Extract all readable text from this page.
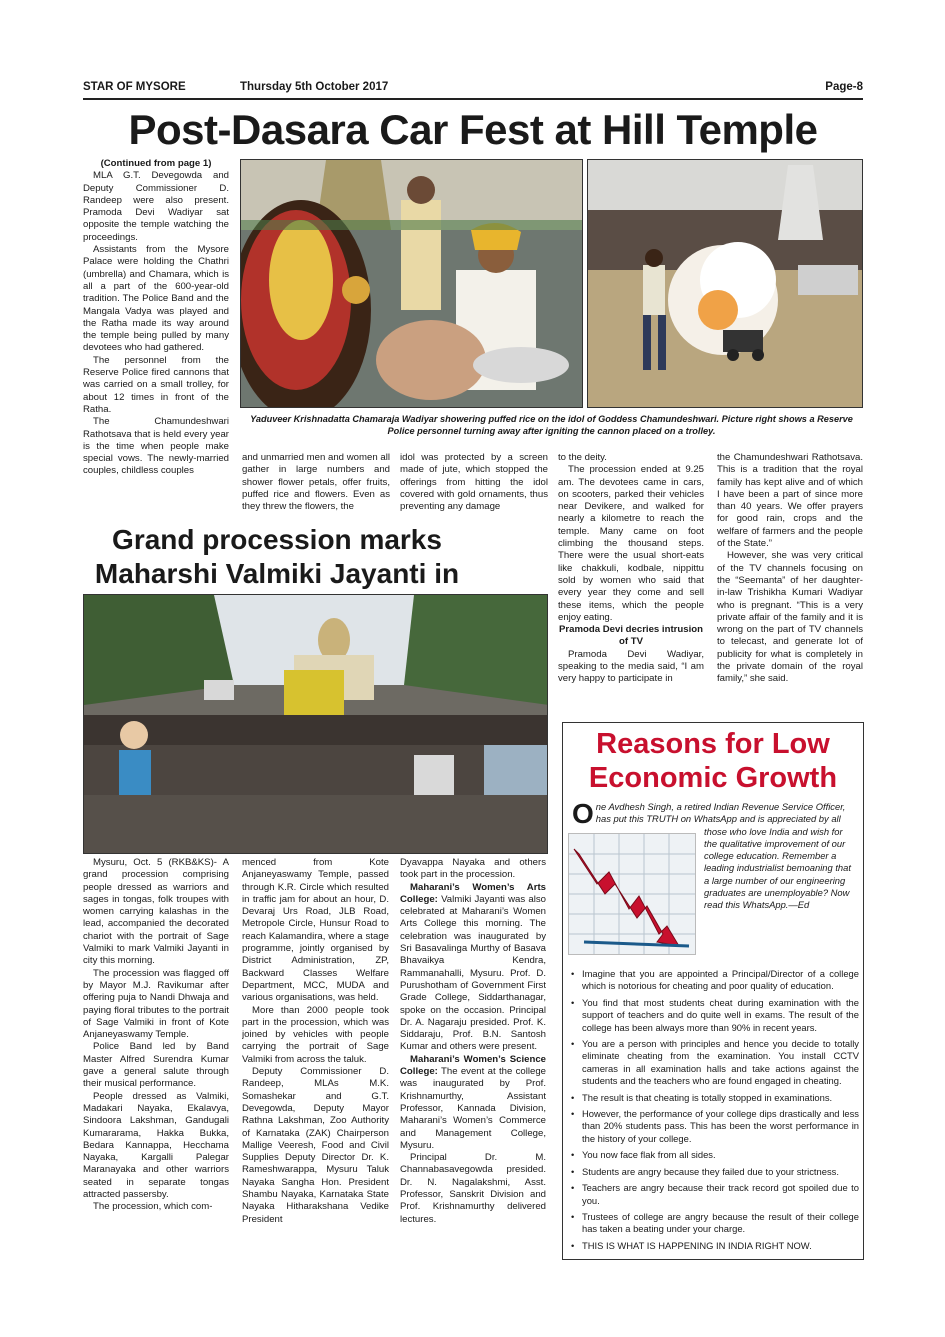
STAR OF MYSORE	Thursday 5th October 2017	Page-8
Post-Dasara Car Fest at Hill Temple

(Continued from page 1)

MLA G.T. Devegowda and Deputy Commissioner D. Randeep were also present. Pramoda Devi Wadiyar sat opposite the temple watching the proceedings.

Assistants from the Mysore Palace were holding the Chathri (umbrella) and Chamara, which is all a part of the 600-year-old tradition. The Police Band and the Mangala Vadya was played and the Ratha made its way around the temple being pulled by many devotees who had gathered.

The personnel from the Reserve Police fired cannons that was carried on a small trolley, for about 12 times in front of the Ratha.

The Chamundeshwari Rathotsava that is held every year is the time when people make special vows. The newly-married couples, childless couples

Yaduveer Krishnadatta Chamaraja Wadiyar showering puffed rice on the idol of Goddess Chamundeshwari. Picture right shows a Reserve Police personnel turning away after igniting the cannon placed on a trolley.

and unmarried men and women all gather in large numbers and shower flower petals, offer fruits, puffed rice and flowers. Even as they threw the flowers, the

idol was protected by a screen made of jute, which stopped the offerings from hitting the idol covered with gold ornaments, thus preventing any damage

to the deity.

The procession ended at 9.25 am. The devotees came in cars, on scooters, parked their vehicles near Devikere, and walked for nearly a kilometre to reach the temple. Many came on foot climbing the thousand steps. There were the usual short-eats like chakkuli, kodbale, nippittu sold by women who said that every year they come and sell these items, which the people enjoy eating.

Pramoda Devi decries intrusion of TV

Pramoda Devi Wadiyar, speaking to the media said, “I am very happy to participate in

the Chamundeshwari Rathotsava. This is a tradition that the royal family has kept alive and of which I have been a part of since more than 40 years. We offer prayers for good rain, crops and the welfare of farmers and the people of the State.”

However, she was very critical of the TV channels focusing on the “Seemanta” of her daughter-in-law Trishikha Kumari Wadiyar who is pregnant. “This is a very private affair of the family and it is wrong on the part of TV channels to telecast, and generate lot of publicity for what is completely in the private domain of the royal family,” she said.

Grand procession marks Maharshi Valmiki Jayanti in

Mysuru, Oct. 5 (RKB&KS)- A grand procession comprising people dressed as warriors and sages in tongas, folk troupes with women carrying kalashas in the lead, accompanied the decorated chariot with the portrait of Sage Valmiki to mark Valmiki Jayanti in city this morning.

The procession was flagged off by Mayor M.J. Ravikumar after offering puja to Nandi Dhwaja and paying floral tributes to the portrait of Sage Valmiki in front of Kote Anjaneyaswamy Temple.

Police Band led by Band Master Alfred Surendra Kumar gave a general salute through their musical performance.

People dressed as Valmiki, Madakari Nayaka, Ekalavya, Sindoora Lakshman, Gandugali Kumararama, Hakka Bukka, Bedara Kannappa, Hecchama Nayaka, Kargalli Palegar Maranayaka and other warriors seated in separate tongas attracted passersby.

The procession, which com-

menced from Kote Anjaneyaswamy Temple, passed through K.R. Circle which resulted in traffic jam for about an hour, D. Devaraj Urs Road, JLB Road, Metropole Circle, Hunsur Road to reach Kalamandira, where a stage programme, jointly organised by District Administration, ZP, Backward Classes Welfare Department, MCC, MUDA and various organisations, was held.

More than 2000 people took part in the procession, which was joined by vehicles with people carrying the portrait of Sage Valmiki from across the taluk.

Deputy Commissioner D. Randeep, MLAs M.K. Somashekar and G.T. Devegowda, Deputy Mayor Rathna Lakshman, Zoo Authority of Karnataka (ZAK) Chairperson Mallige Veeresh, Food and Civil Supplies Deputy Director Dr. K. Rameshwarappa, Mysuru Taluk Nayaka Sangha Hon. President Shambu Nayaka, Karnataka State Nayaka Hitharakshana Vedike President

Dyavappa Nayaka and others took part in the procession.

Maharani’s Women’s Arts College: Valmiki Jayanti was also celebrated at Maharani’s Women Arts College this morning. The celebration was inaugurated by Sri Basavalinga Murthy of Basava Bhavaikya Kendra, Rammanahalli, Mysuru. Prof. D. Purushotham of Government First Grade College, Siddarthanagar, spoke on the occasion. Principal Dr. A. Nagaraju presided. Prof. K. Siddaraju, Prof. B.N. Santosh Kumar and others were present.

Maharani’s Women’s Science College: The event at the college was inaugurated by Prof. Krishnamurthy, Assistant Professor, Kannada Division, Maharani’s Women’s Commerce and Management College, Mysuru.

Principal Dr. M. Channabasavegowda presided. Dr. N. Nagalakshmi, Asst. Professor, Sanskrit Division and Prof. Krishnamurthy delivered lectures.

Reasons for Low
Economic Growth
One Avdhesh Singh, a retired Indian Revenue Service Officer, has put this TRUTH on WhatsApp and is appreciated by all those who love India and wish for the qualitative improvement of our college education. Remember a leading industrialist bemoaning that a large number of our engineering graduates are unemployable? Now read this WhatsApp.—Ed
• Imagine that you are appointed a Principal/Director of a college which is notorious for cheating and poor quality of education.
• You find that most students cheat during examination with the support of teachers and do quite well in exams. The result of the college has been always more than 90% in recent years.
• You are a person with principles and hence you decide to totally eliminate cheating from the examination. You install CCTV cameras in all examination halls and take actions against the students and the teachers who are found engaged in cheating.
• The result is that cheating is totally stopped in examinations.
• However, the performance of your college dips drastically and less than 20% students pass. This has been the worst performance in the history of your college.
• You now face flak from all sides.
• Students are angry because they failed due to your strictness.
• Teachers are angry because their track record got spoiled due to you.
• Trustees of college are angry because the result of their college has taken a beating under your charge.
• THIS IS WHAT IS HAPPENING IN INDIA RIGHT NOW.
